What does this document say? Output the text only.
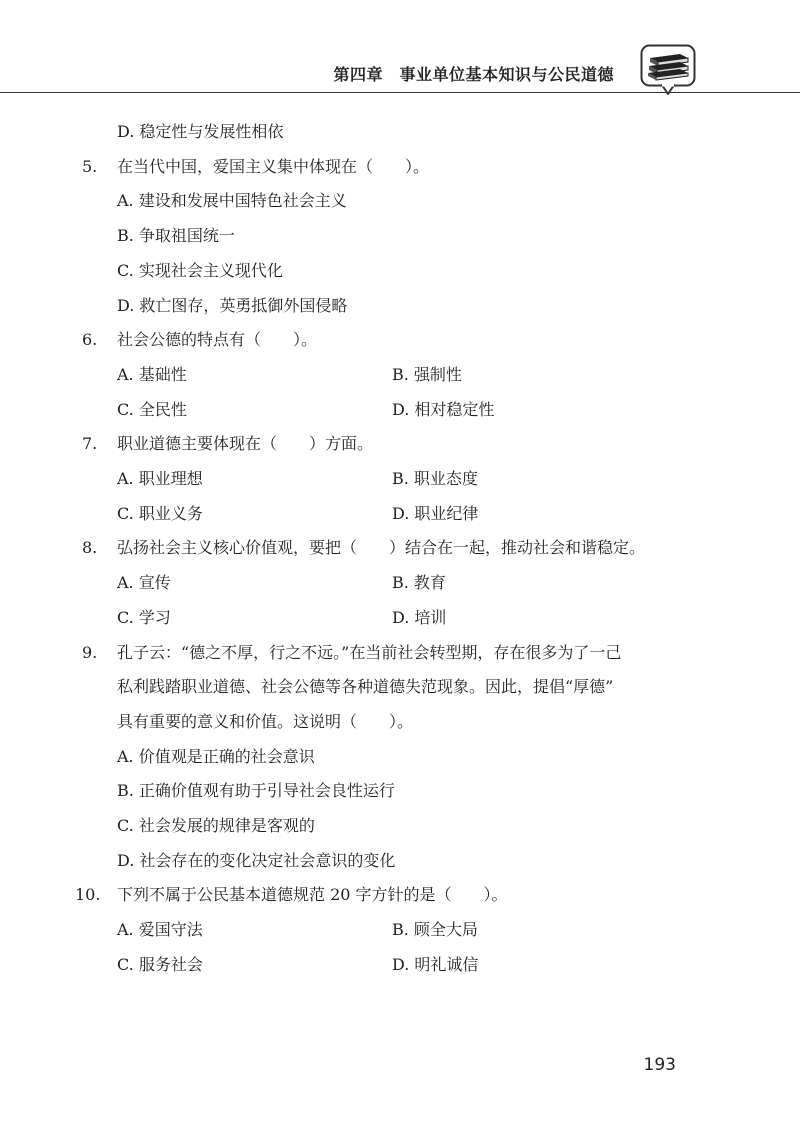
第四章　事业单位基本知识与公民道德
D. 稳定性与发展性相依
5. 在当代中国，爱国主义集中体现在（　　）。
A. 建设和发展中国特色社会主义
B. 争取祖国统一
C. 实现社会主义现代化
D. 救亡图存，英勇抵御外国侵略
6. 社会公德的特点有（　　）。
A. 基础性	B. 强制性
C. 全民性	D. 相对稳定性
7. 职业道德主要体现在（　　）方面。
A. 职业理想	B. 职业态度
C. 职业义务	D. 职业纪律
8. 弘扬社会主义核心价值观，要把（　　）结合在一起，推动社会和谐稳定。
A. 宣传	B. 教育
C. 学习	D. 培训
9. 孔子云：“德之不厚，行之不远。”在当前社会转型期，存在很多为了一己
私利践踏职业道德、社会公德等各种道德失范现象。因此，提倡“厚德”
具有重要的意义和价值。这说明（　　）。
A. 价值观是正确的社会意识
B. 正确价值观有助于引导社会良性运行
C. 社会发展的规律是客观的
D. 社会存在的变化决定社会意识的变化
10. 下列不属于公民基本道德规范 20 字方针的是（　　）。
A. 爱国守法	B. 顾全大局
C. 服务社会	D. 明礼诚信
193
